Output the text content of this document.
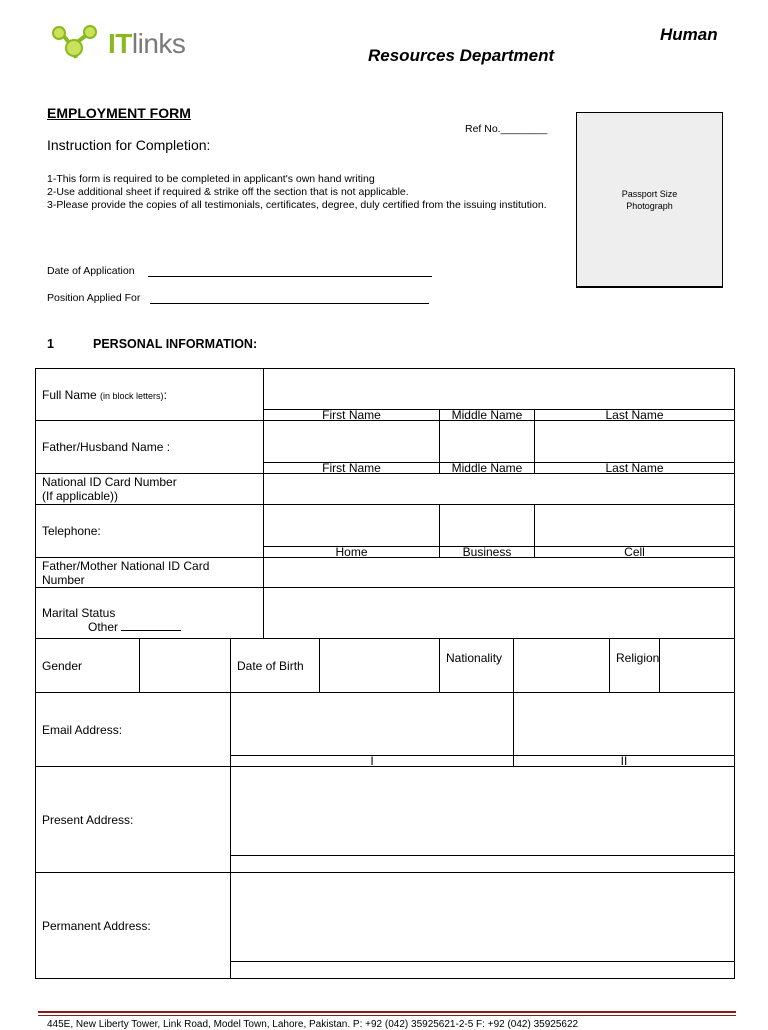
ITlinks	Human
Resources Department
EMPLOYMENT FORM
Instruction for Completion:
Ref No.________
1-This form is required to be completed in applicant's own hand writing
2-Use additional sheet if required & strike off the section that is not applicable.
3-Please provide the copies of all testimonials, certificates, degree, duly certified from the issuing institution.
Passport Size
Photograph
Date of Application
Position Applied For
1	PERSONAL INFORMATION:
Full Name (in block letters):									
			First Name		Middle Name		Last Name		
Father/Husband Name :									
			First Name		Middle Name		Last Name		

National ID Card Number
(If applicable))									

Telephone:									
			Home		Business		Cell		

Father/Mother National ID Card
Number									

Marital Status
Other									

Gender		Date of Birth			Nationality			Religion	
Email Address:									
		I				II			
Present Address:									

Permanent Address:									

445E, New Liberty Tower, Link Road, Model Town, Lahore, Pakistan. P: +92 (042) 35925621-2-5 F: +92 (042) 35925622
